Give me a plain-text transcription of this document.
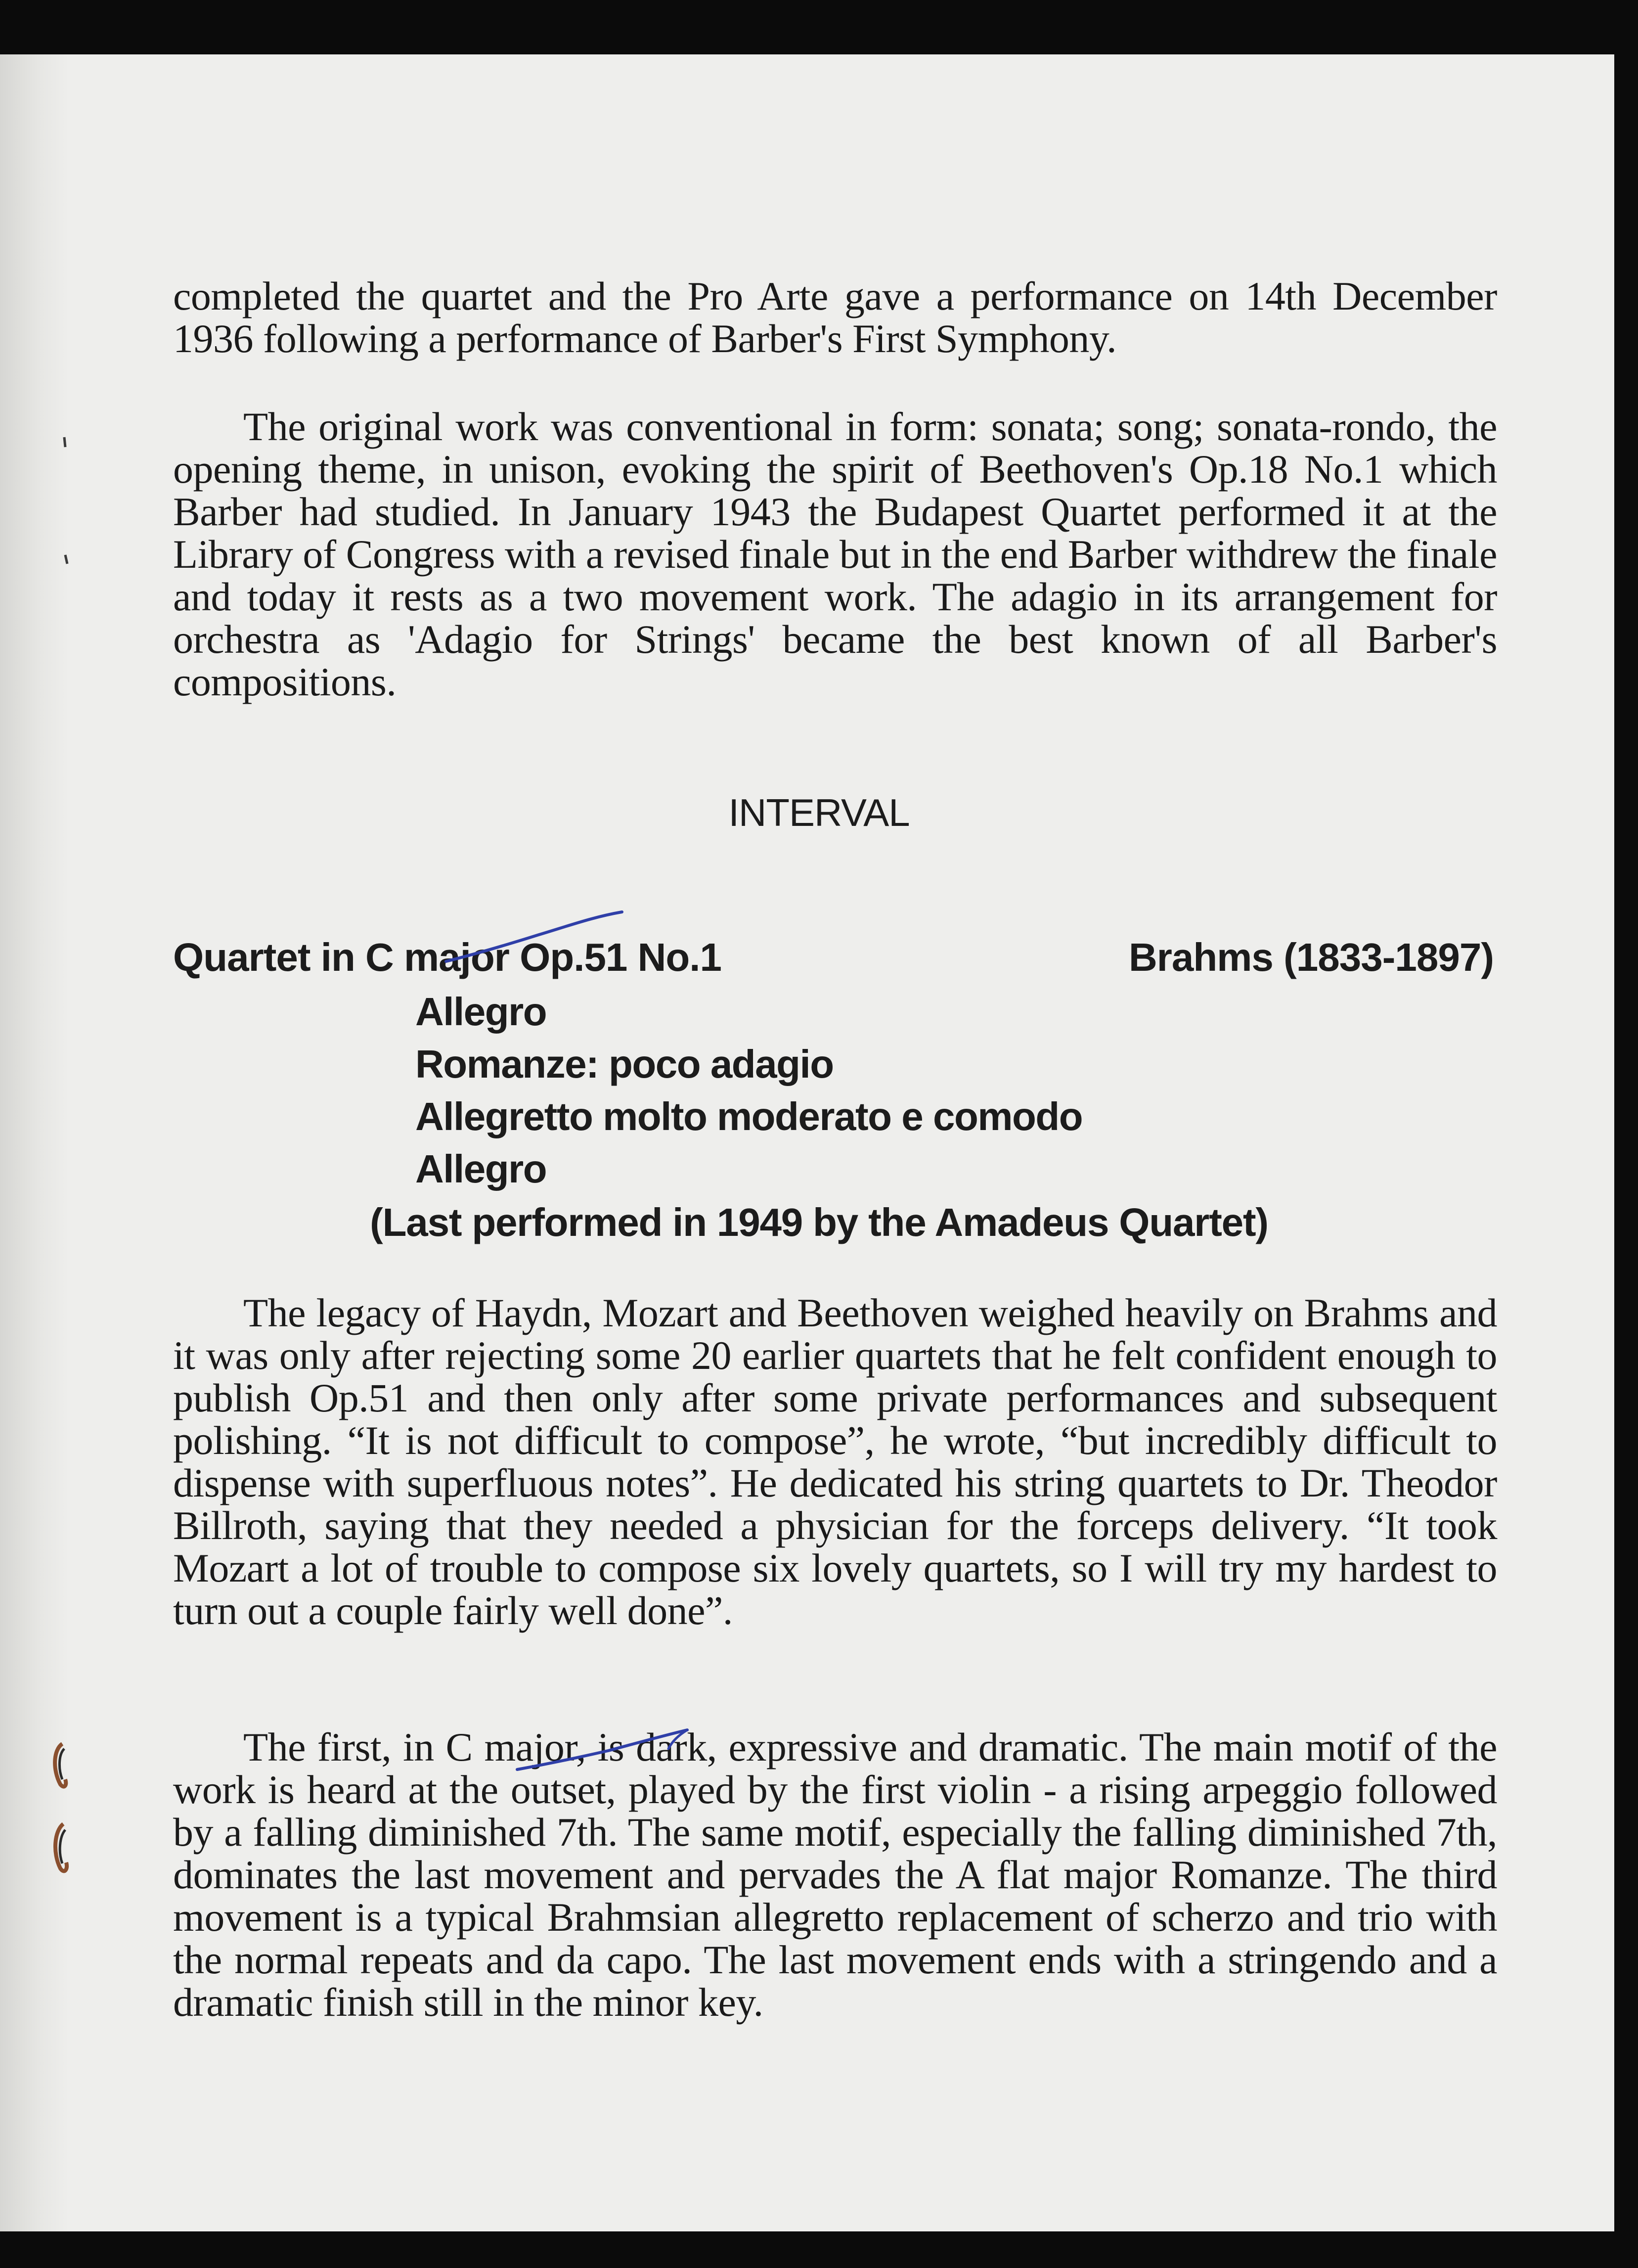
completed the quartet and the Pro Arte gave a performance on 14th December 1936 following a performance of Barber's First Symphony.

The original work was conventional in form: sonata; song; sonata-rondo, the opening theme, in unison, evoking the spirit of Beethoven's Op.18 No.1 which Barber had studied. In January 1943 the Budapest Quartet performed it at the Library of Congress with a revised finale but in the end Barber withdrew the finale and today it rests as a two movement work. The adagio in its arrangement for orchestra as 'Adagio for Strings' became the best known of all Barber's compositions.

INTERVAL

Quartet in C major Op.51 No.1	Brahms (1833-1897)

Allegro

Romanze: poco adagio

Allegretto molto moderato e comodo

Allegro

(Last performed in 1949 by the Amadeus Quartet)

The legacy of Haydn, Mozart and Beethoven weighed heavily on Brahms and it was only after rejecting some 20 earlier quartets that he felt confident enough to publish Op.51 and then only after some private performances and subsequent polishing. “It is not difficult to compose”, he wrote, “but incredibly difficult to dispense with superfluous notes”. He dedicated his string quartets to Dr. Theodor Billroth, saying that they needed a physician for the forceps delivery. “It took Mozart a lot of trouble to compose six lovely quartets, so I will try my hardest to turn out a couple fairly well done”.

The first, in C major, is dark, expressive and dramatic. The main motif of the work is heard at the outset, played by the first violin - a rising arpeggio followed by a falling diminished 7th. The same motif, especially the falling diminished 7th, dominates the last movement and pervades the A flat major Romanze. The third movement is a typical Brahmsian allegretto replacement of scherzo and trio with the normal repeats and da capo. The last movement ends with a stringendo and a dramatic finish still in the minor key.
